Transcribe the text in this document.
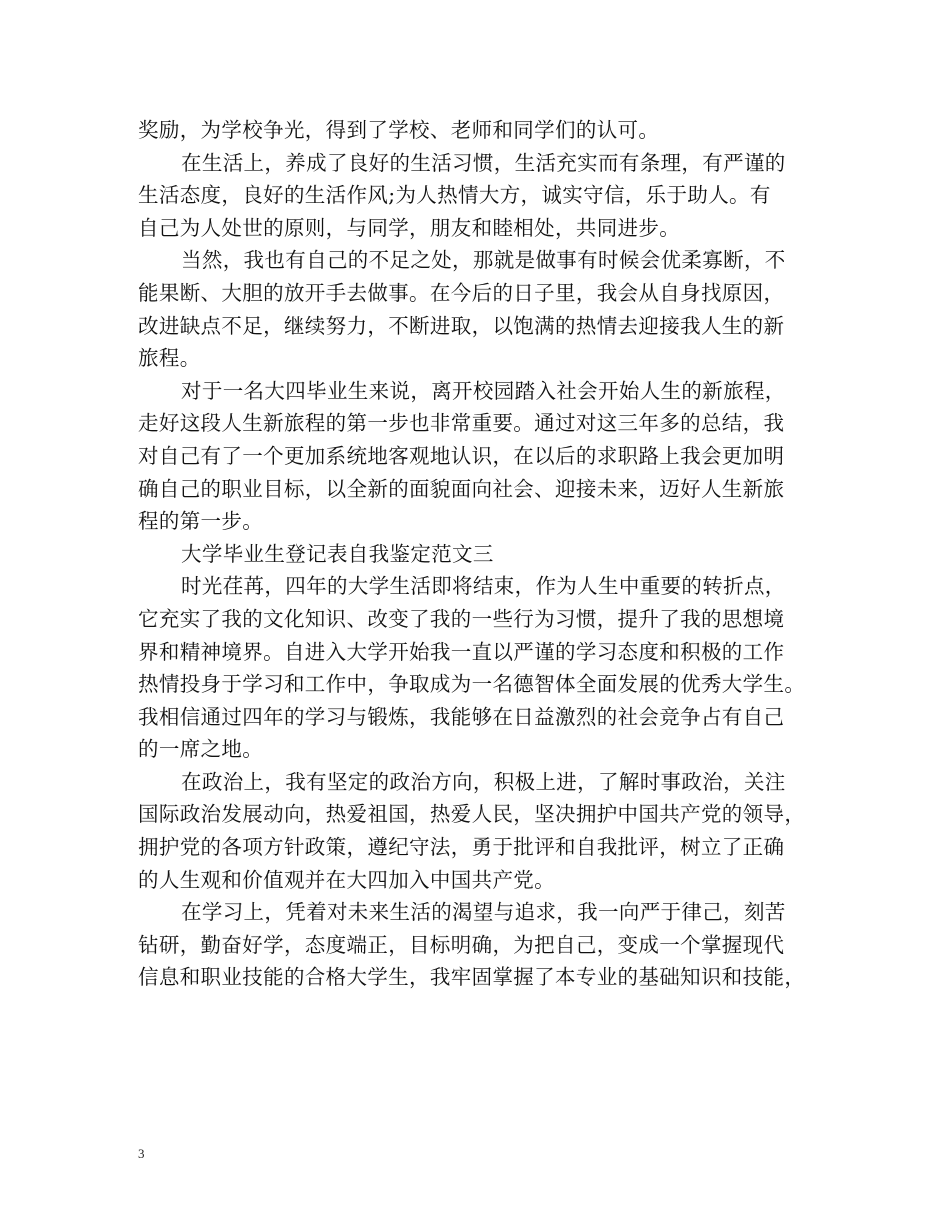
奖励，为学校争光，得到了学校、老师和同学们的认可。
在生活上，养成了良好的生活习惯，生活充实而有条理，有严谨的
生活态度，良好的生活作风;为人热情大方，诚实守信，乐于助人。有
自己为人处世的原则，与同学，朋友和睦相处，共同进步。
当然，我也有自己的不足之处，那就是做事有时候会优柔寡断，不
能果断、大胆的放开手去做事。在今后的日子里，我会从自身找原因，
改进缺点不足，继续努力，不断进取，以饱满的热情去迎接我人生的新
旅程。
对于一名大四毕业生来说，离开校园踏入社会开始人生的新旅程，
走好这段人生新旅程的第一步也非常重要。通过对这三年多的总结，我
对自己有了一个更加系统地客观地认识，在以后的求职路上我会更加明
确自己的职业目标，以全新的面貌面向社会、迎接未来，迈好人生新旅
程的第一步。
大学毕业生登记表自我鉴定范文三
时光荏苒，四年的大学生活即将结束，作为人生中重要的转折点，
它充实了我的文化知识、改变了我的一些行为习惯，提升了我的思想境
界和精神境界。自进入大学开始我一直以严谨的学习态度和积极的工作
热情投身于学习和工作中，争取成为一名德智体全面发展的优秀大学生。
我相信通过四年的学习与锻炼，我能够在日益激烈的社会竞争占有自己
的一席之地。
在政治上，我有坚定的政治方向，积极上进，了解时事政治，关注
国际政治发展动向，热爱祖国，热爱人民，坚决拥护中国共产党的领导，
拥护党的各项方针政策，遵纪守法，勇于批评和自我批评，树立了正确
的人生观和价值观并在大四加入中国共产党。
在学习上，凭着对未来生活的渴望与追求，我一向严于律己，刻苦
钻研，勤奋好学，态度端正，目标明确，为把自己，变成一个掌握现代
信息和职业技能的合格大学生，我牢固掌握了本专业的基础知识和技能，
3
